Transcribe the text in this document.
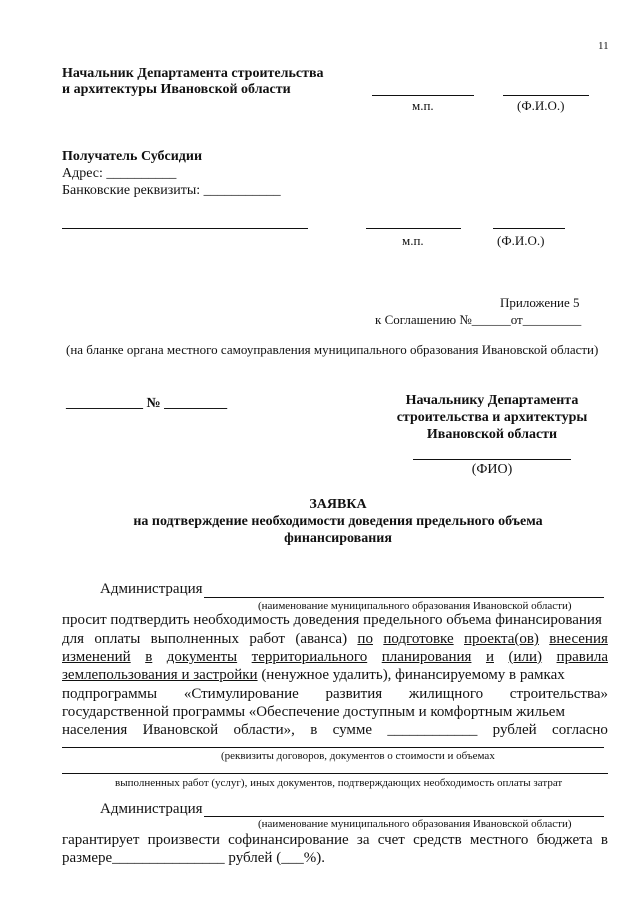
11
Начальник Департамента строительства
и архитектуры Ивановской области
м.п.	(Ф.И.О.)
Получатель Субсидии
Адрес: __________
Банковские реквизиты: ___________
м.п.	(Ф.И.О.)
Приложение 5
к Соглашению №______от_________
(на бланке органа местного самоуправления муниципального образования Ивановской области)
___________ № _________	Начальнику Департамента
строительства и архитектуры
Ивановской области
(ФИО)
ЗАЯВКА
на подтверждение необходимости доведения предельного объема
финансирования
Администрация
(наименование муниципального образования Ивановской области)
просит подтвердить необходимость доведения предельного объема финансирования
для оплаты выполненных работ (аванса) по подготовке проекта(ов) внесения
изменений в документы территориального планирования и (или) правила
землепользования и застройки (ненужное удалить), финансируемому в рамках
подпрограммы «Стимулирование развития жилищного строительства»
государственной программы «Обеспечение доступным и комфортным жильем
населения Ивановской области», в сумме ____________ рублей согласно
(реквизиты договоров, документов о стоимости и объемах
выполненных работ (услуг), иных документов, подтверждающих необходимость оплаты затрат
Администрация
(наименование муниципального образования Ивановской области)
гарантирует произвести софинансирование за счет средств местного бюджета в
размере_______________ рублей (___%).
